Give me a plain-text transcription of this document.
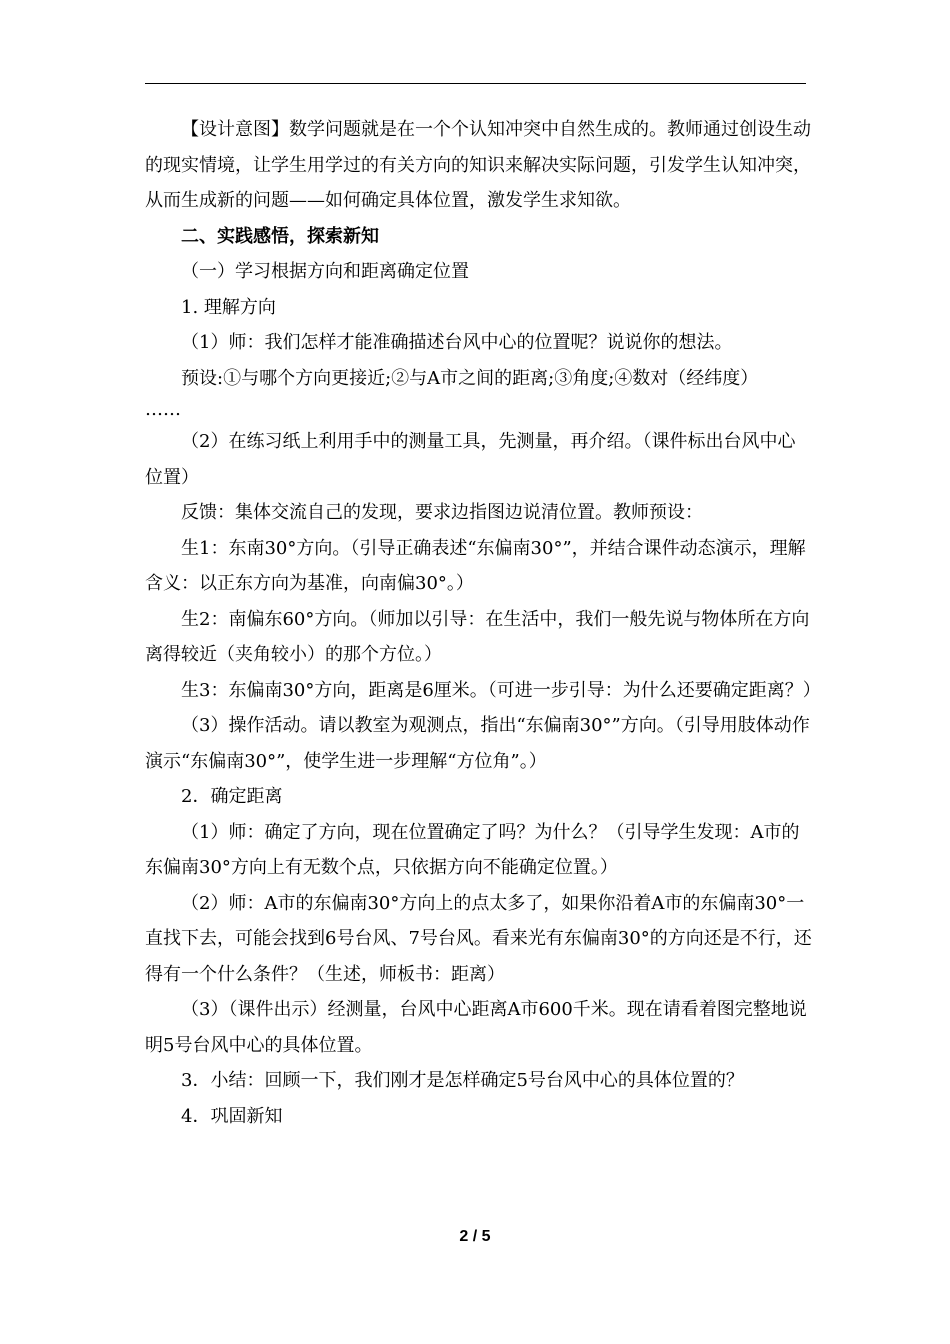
【设计意图】数学问题就是在一个个认知冲突中自然生成的。教师通过创设生动的现实情境，让学生用学过的有关方向的知识来解决实际问题，引发学生认知冲突，从而生成新的问题——如何确定具体位置，激发学生求知欲。

二、实践感悟，探索新知

（一）学习根据方向和距离确定位置

1. 理解方向

（1）师：我们怎样才能准确描述台风中心的位置呢？说说你的想法。

预设:①与哪个方向更接近;②与A市之间的距离;③角度;④数对（经纬度）

……

（2）在练习纸上利用手中的测量工具，先测量，再介绍。（课件标出台风中心位置）

反馈：集体交流自己的发现，要求边指图边说清位置。教师预设：

生1：东南30°方向。（引导正确表述“东偏南30°”，并结合课件动态演示，理解含义：以正东方向为基准，向南偏30°。）

生2：南偏东60°方向。（师加以引导：在生活中，我们一般先说与物体所在方向离得较近（夹角较小）的那个方位。）

生3：东偏南30°方向，距离是6厘米。（可进一步引导：为什么还要确定距离？）

（3）操作活动。请以教室为观测点，指出“东偏南30°”方向。（引导用肢体动作演示“东偏南30°”，使学生进一步理解“方位角”。）

2．确定距离

（1）师：确定了方向，现在位置确定了吗？为什么？（引导学生发现：A市的东偏南30°方向上有无数个点，只依据方向不能确定位置。）

（2）师：A市的东偏南30°方向上的点太多了，如果你沿着A市的东偏南30°一直找下去，可能会找到6号台风、7号台风。看来光有东偏南30°的方向还是不行，还得有一个什么条件？（生述，师板书：距离）

（3）（课件出示）经测量，台风中心距离A市600千米。现在请看着图完整地说明5号台风中心的具体位置。

3．小结：回顾一下，我们刚才是怎样确定5号台风中心的具体位置的？

4．巩固新知

2 / 5
